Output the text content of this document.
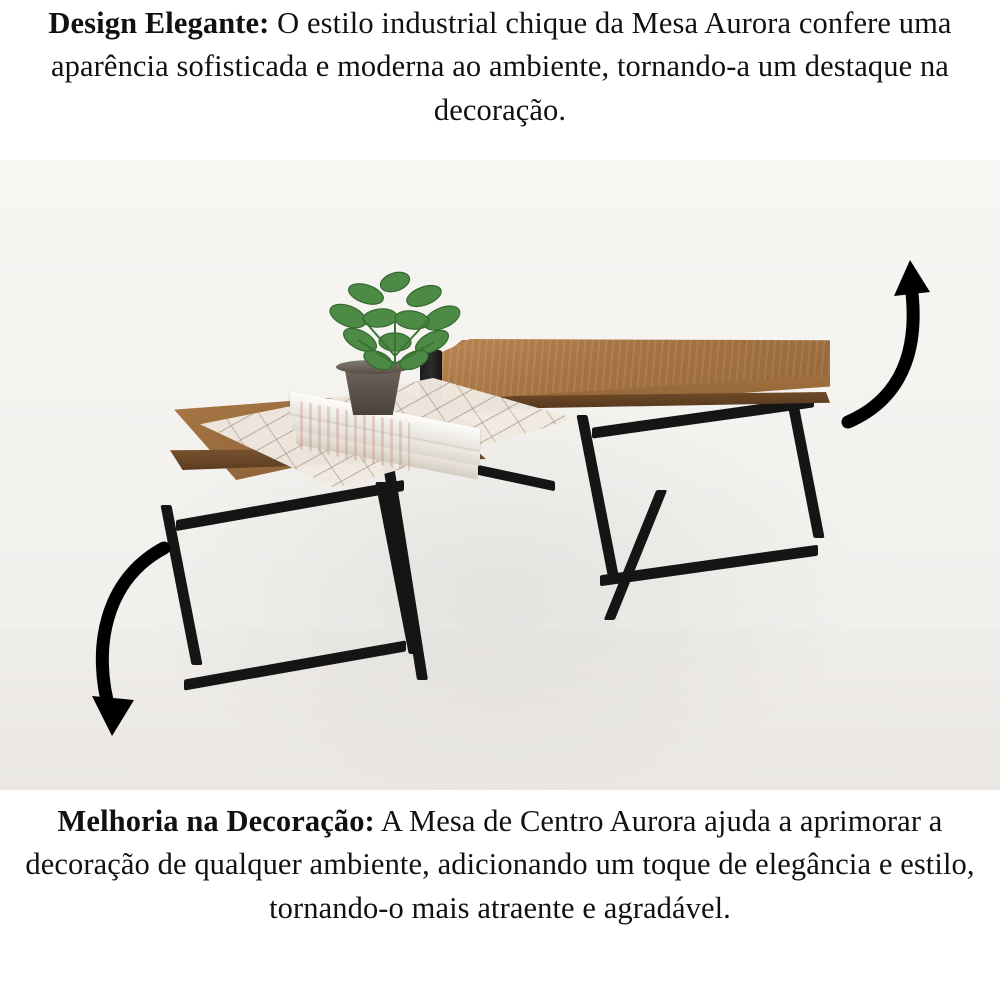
Design Elegante: O estilo industrial chique da Mesa Aurora confere uma aparência sofisticada e moderna ao ambiente, tornando-a um destaque na decoração.
Melhoria na Decoração: A Mesa de Centro Aurora ajuda a aprimorar a decoração de qualquer ambiente, adicionando um toque de elegância e estilo, tornando-o mais atraente e agradável.
